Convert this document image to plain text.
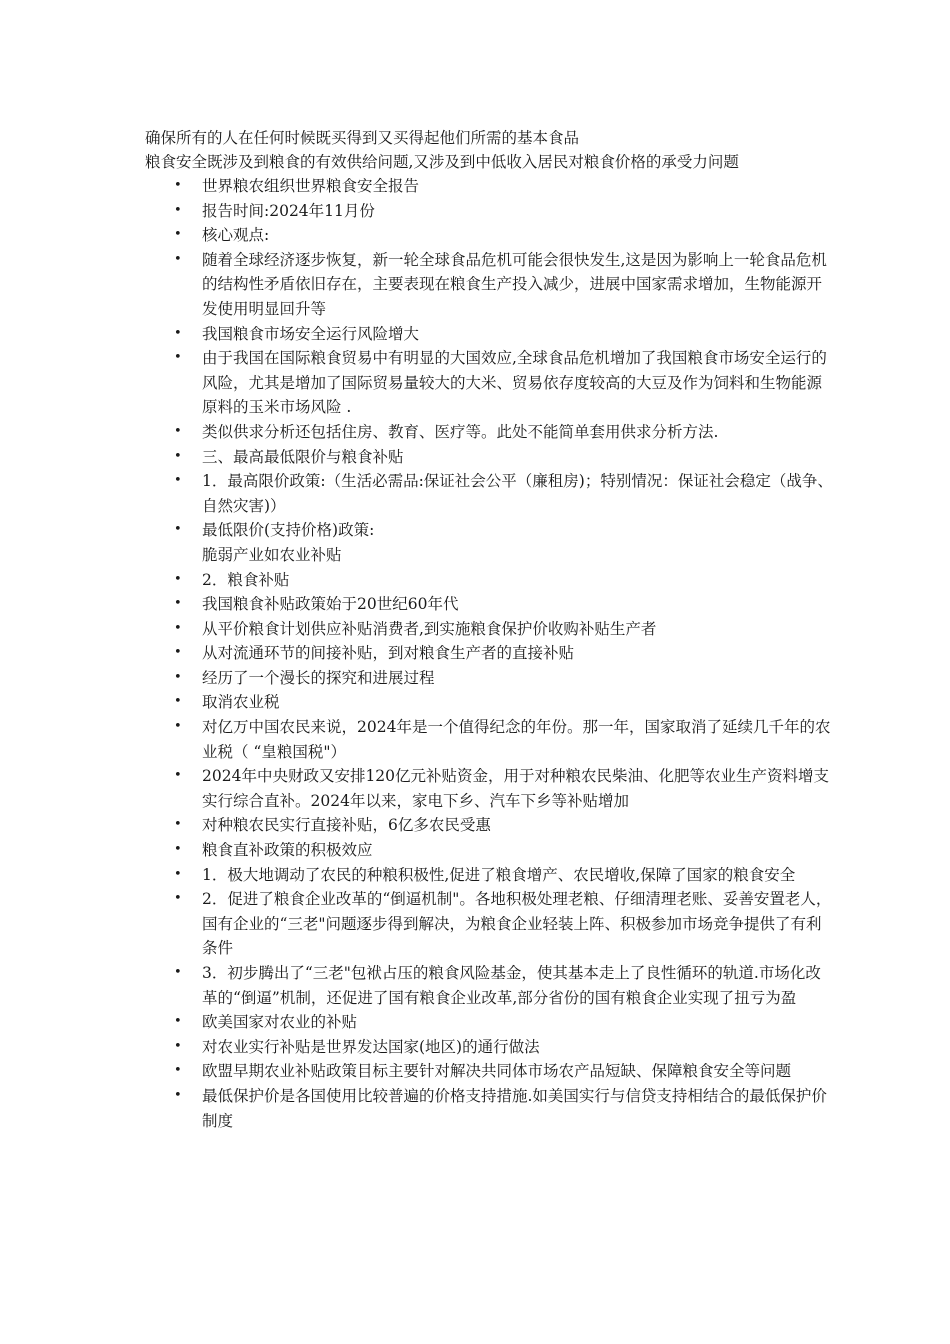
确保所有的人在任何时候既买得到又买得起他们所需的基本食品

粮食安全既涉及到粮食的有效供给问题,又涉及到中低收入居民对粮食价格的承受力问题

• 世界粮农组织世界粮食安全报告
• 报告时间:2024年11月份
• 核心观点:
• 随着全球经济逐步恢复，新一轮全球食品危机可能会很快发生,这是因为影响上一轮食品危机的结构性矛盾依旧存在，主要表现在粮食生产投入减少，进展中国家需求增加，生物能源开发使用明显回升等
• 我国粮食市场安全运行风险增大
• 由于我国在国际粮食贸易中有明显的大国效应,全球食品危机增加了我国粮食市场安全运行的风险，尤其是增加了国际贸易量较大的大米、贸易依存度较高的大豆及作为饲料和生物能源原料的玉米市场风险 .
• 类似供求分析还包括住房、教育、医疗等。此处不能简单套用供求分析方法.
• 三、最高最低限价与粮食补贴
• 1．最高限价政策:（生活必需品:保证社会公平（廉租房)；特别情况：保证社会稳定（战争、自然灾害)）
• 最低限价(支持价格)政策:
脆弱产业如农业补贴
• 2．粮食补贴
• 我国粮食补贴政策始于20世纪60年代
• 从平价粮食计划供应补贴消费者,到实施粮食保护价收购补贴生产者
• 从对流通环节的间接补贴，到对粮食生产者的直接补贴
• 经历了一个漫长的探究和进展过程
• 取消农业税
• 对亿万中国农民来说，2024年是一个值得纪念的年份。那一年，国家取消了延续几千年的农业税（ “皇粮国税"）
• 2024年中央财政又安排120亿元补贴资金，用于对种粮农民柴油、化肥等农业生产资料增支实行综合直补。2024年以来，家电下乡、汽车下乡等补贴增加
• 对种粮农民实行直接补贴，6亿多农民受惠
• 粮食直补政策的积极效应
• 1．极大地调动了农民的种粮积极性,促进了粮食增产、农民增收,保障了国家的粮食安全
• 2．促进了粮食企业改革的“倒逼机制"。各地积极处理老粮、仔细清理老账、妥善安置老人，国有企业的“三老"问题逐步得到解决，为粮食企业轻装上阵、积极参加市场竞争提供了有利条件
• 3．初步腾出了“三老"包袱占压的粮食风险基金，使其基本走上了良性循环的轨道.市场化改革的“倒逼”机制，还促进了国有粮食企业改革,部分省份的国有粮食企业实现了扭亏为盈
• 欧美国家对农业的补贴
• 对农业实行补贴是世界发达国家(地区)的通行做法
• 欧盟早期农业补贴政策目标主要针对解决共同体市场农产品短缺、保障粮食安全等问题
• 最低保护价是各国使用比较普遍的价格支持措施.如美国实行与信贷支持相结合的最低保护价制度
